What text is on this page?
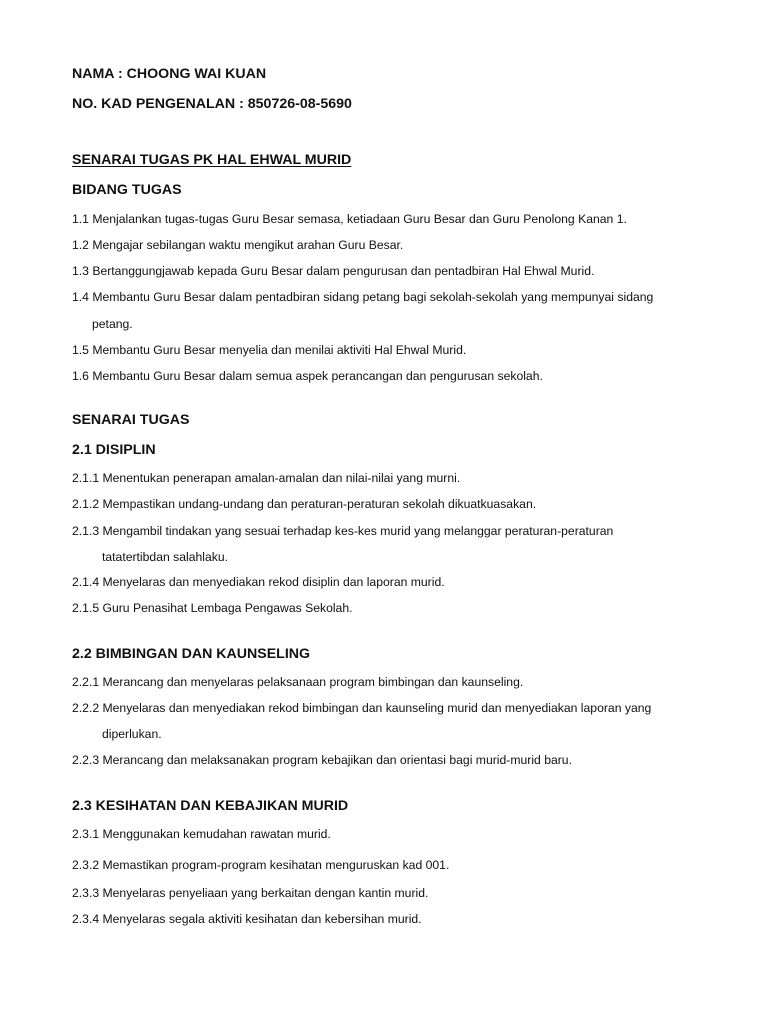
NAMA : CHOONG WAI KUAN
NO. KAD PENGENALAN : 850726-08-5690
SENARAI TUGAS PK HAL EHWAL MURID
BIDANG TUGAS
1.1 Menjalankan tugas-tugas Guru Besar semasa, ketiadaan Guru Besar dan Guru Penolong Kanan 1.
1.2 Mengajar sebilangan waktu mengikut arahan Guru Besar.
1.3 Bertanggungjawab kepada Guru Besar dalam pengurusan dan pentadbiran Hal Ehwal Murid.
1.4 Membantu Guru Besar dalam pentadbiran sidang petang bagi sekolah-sekolah yang mempunyai sidang
petang.
1.5 Membantu Guru Besar menyelia dan menilai aktiviti Hal Ehwal Murid.
1.6 Membantu Guru Besar dalam semua aspek perancangan dan pengurusan sekolah.
SENARAI TUGAS
2.1 DISIPLIN
2.1.1 Menentukan penerapan amalan-amalan dan nilai-nilai yang murni.
2.1.2 Mempastikan undang-undang dan peraturan-peraturan sekolah dikuatkuasakan.
2.1.3 Mengambil tindakan yang sesuai terhadap kes-kes murid yang melanggar peraturan-peraturan
tatatertibdan salahlaku.
2.1.4 Menyelaras dan menyediakan rekod disiplin dan laporan murid.
2.1.5 Guru Penasihat Lembaga Pengawas Sekolah.
2.2 BIMBINGAN DAN KAUNSELING
2.2.1 Merancang dan menyelaras pelaksanaan program bimbingan dan kaunseling.
2.2.2 Menyelaras dan menyediakan rekod bimbingan dan kaunseling murid dan menyediakan laporan yang
diperlukan.
2.2.3 Merancang dan melaksanakan program kebajikan dan orientasi bagi murid-murid baru.
2.3 KESIHATAN DAN KEBAJIKAN MURID
2.3.1 Menggunakan kemudahan rawatan murid.
2.3.2 Memastikan program-program kesihatan menguruskan kad 001.
2.3.3 Menyelaras penyeliaan yang berkaitan dengan kantin murid.
2.3.4 Menyelaras segala aktiviti kesihatan dan kebersihan murid.
